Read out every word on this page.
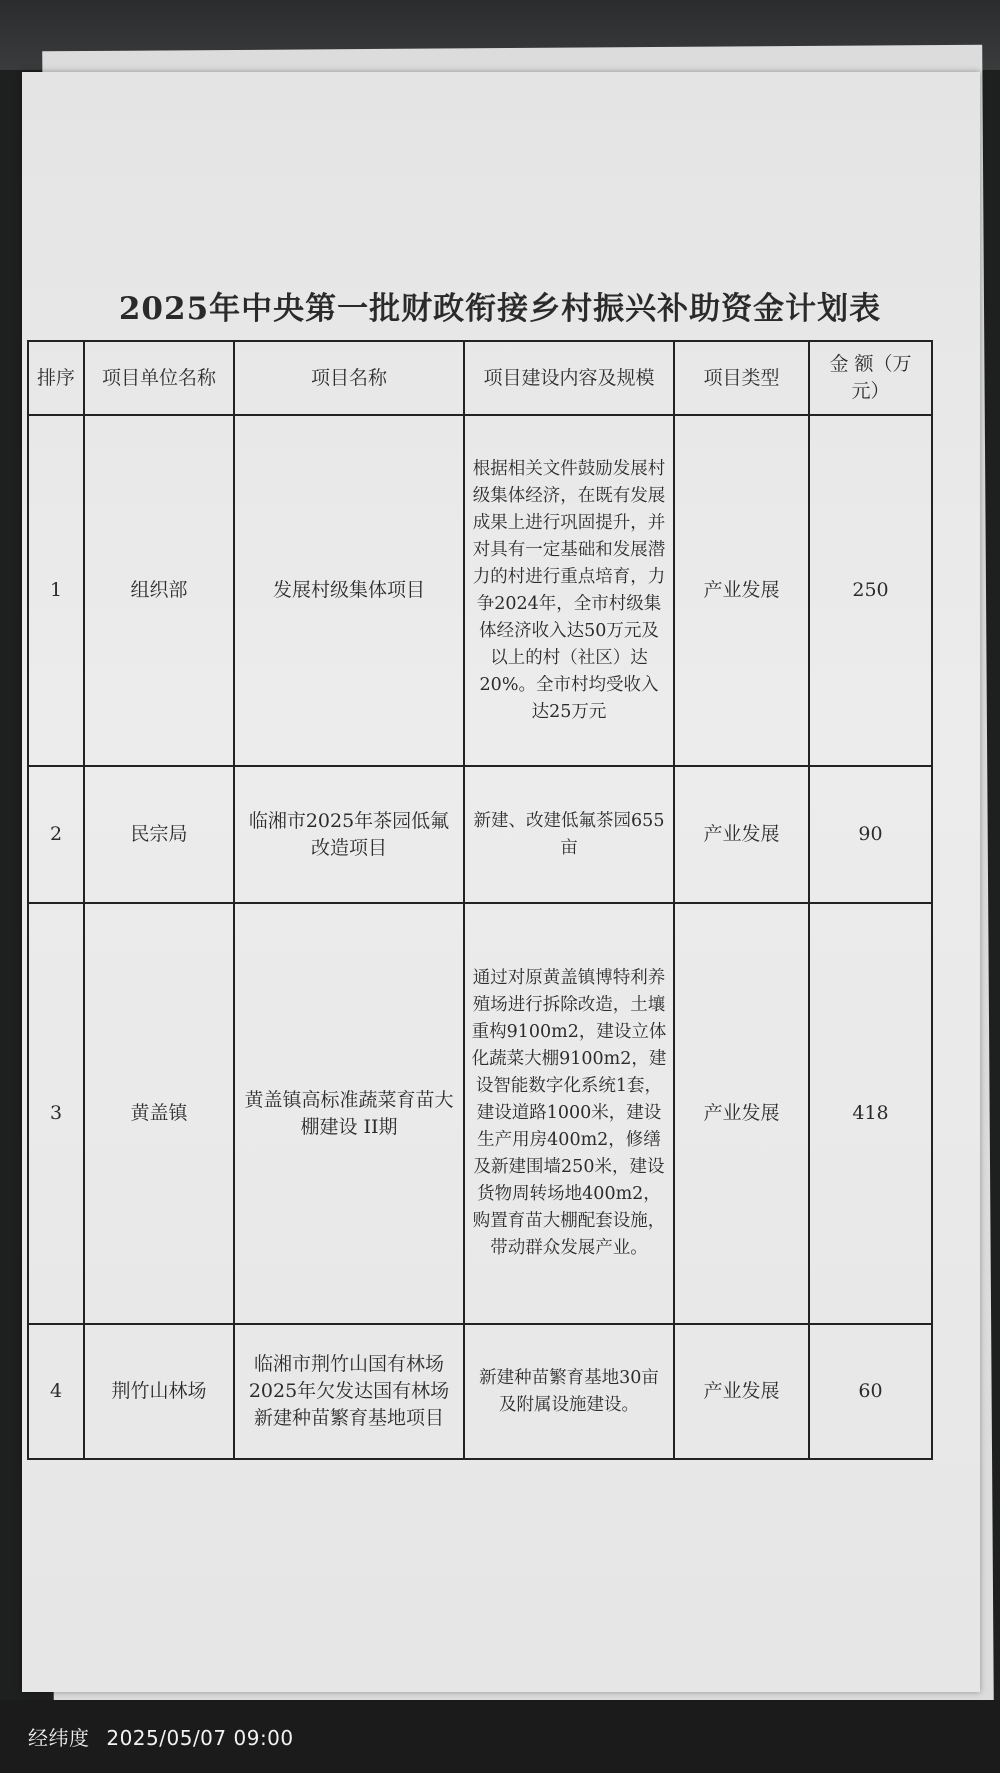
2025年中央第一批财政衔接乡村振兴补助资金计划表
排序	项目单位名称	项目名称	项目建设内容及规模	项目类型	金 额（万元）
1	组织部	发展村级集体项目	根据相关文件鼓励发展村级集体经济，在既有发展成果上进行巩固提升，并对具有一定基础和发展潜力的村进行重点培育，力争2024年，全市村级集体经济收入达50万元及以上的村（社区）达20%。全市村均受收入达25万元	产业发展	250
2	民宗局	临湘市2025年茶园低氟改造项目	新建、改建低氟茶园655亩	产业发展	90
3	黄盖镇	黄盖镇高标准蔬菜育苗大棚建设 II期	通过对原黄盖镇博特利养殖场进行拆除改造，土壤重构9100m2，建设立体化蔬菜大棚9100m2，建设智能数字化系统1套，建设道路1000米，建设生产用房400m2，修缮及新建围墙250米，建设货物周转场地400m2，购置育苗大棚配套设施，带动群众发展产业。	产业发展	418
4	荆竹山林场	临湘市荆竹山国有林场2025年欠发达国有林场新建种苗繁育基地项目	新建种苗繁育基地30亩及附属设施建设。	产业发展	60
经纬度 2025/05/07 09:00
